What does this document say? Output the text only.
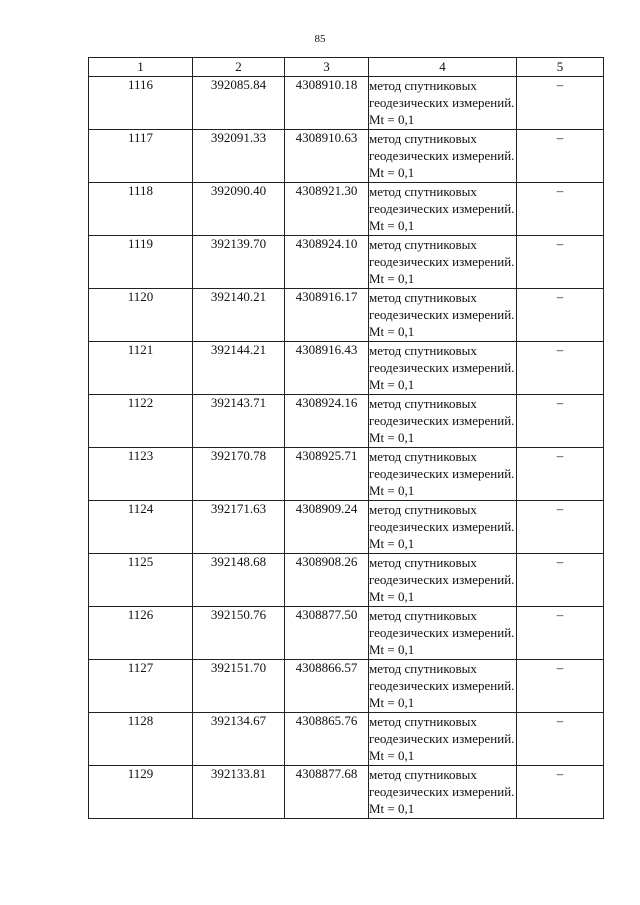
85
1	2	3	4	5
1116	392085.84	4308910.18	метод спутниковых геодезических измерений. Mt = 0,1	–
1117	392091.33	4308910.63	метод спутниковых геодезических измерений. Mt = 0,1	–
1118	392090.40	4308921.30	метод спутниковых геодезических измерений. Mt = 0,1	–
1119	392139.70	4308924.10	метод спутниковых геодезических измерений. Mt = 0,1	–
1120	392140.21	4308916.17	метод спутниковых геодезических измерений. Mt = 0,1	–
1121	392144.21	4308916.43	метод спутниковых геодезических измерений. Mt = 0,1	–
1122	392143.71	4308924.16	метод спутниковых геодезических измерений. Mt = 0,1	–
1123	392170.78	4308925.71	метод спутниковых геодезических измерений. Mt = 0,1	–
1124	392171.63	4308909.24	метод спутниковых геодезических измерений. Mt = 0,1	–
1125	392148.68	4308908.26	метод спутниковых геодезических измерений. Mt = 0,1	–
1126	392150.76	4308877.50	метод спутниковых геодезических измерений. Mt = 0,1	–
1127	392151.70	4308866.57	метод спутниковых геодезических измерений. Mt = 0,1	–
1128	392134.67	4308865.76	метод спутниковых геодезических измерений. Mt = 0,1	–
1129	392133.81	4308877.68	метод спутниковых геодезических измерений. Mt = 0,1	–
